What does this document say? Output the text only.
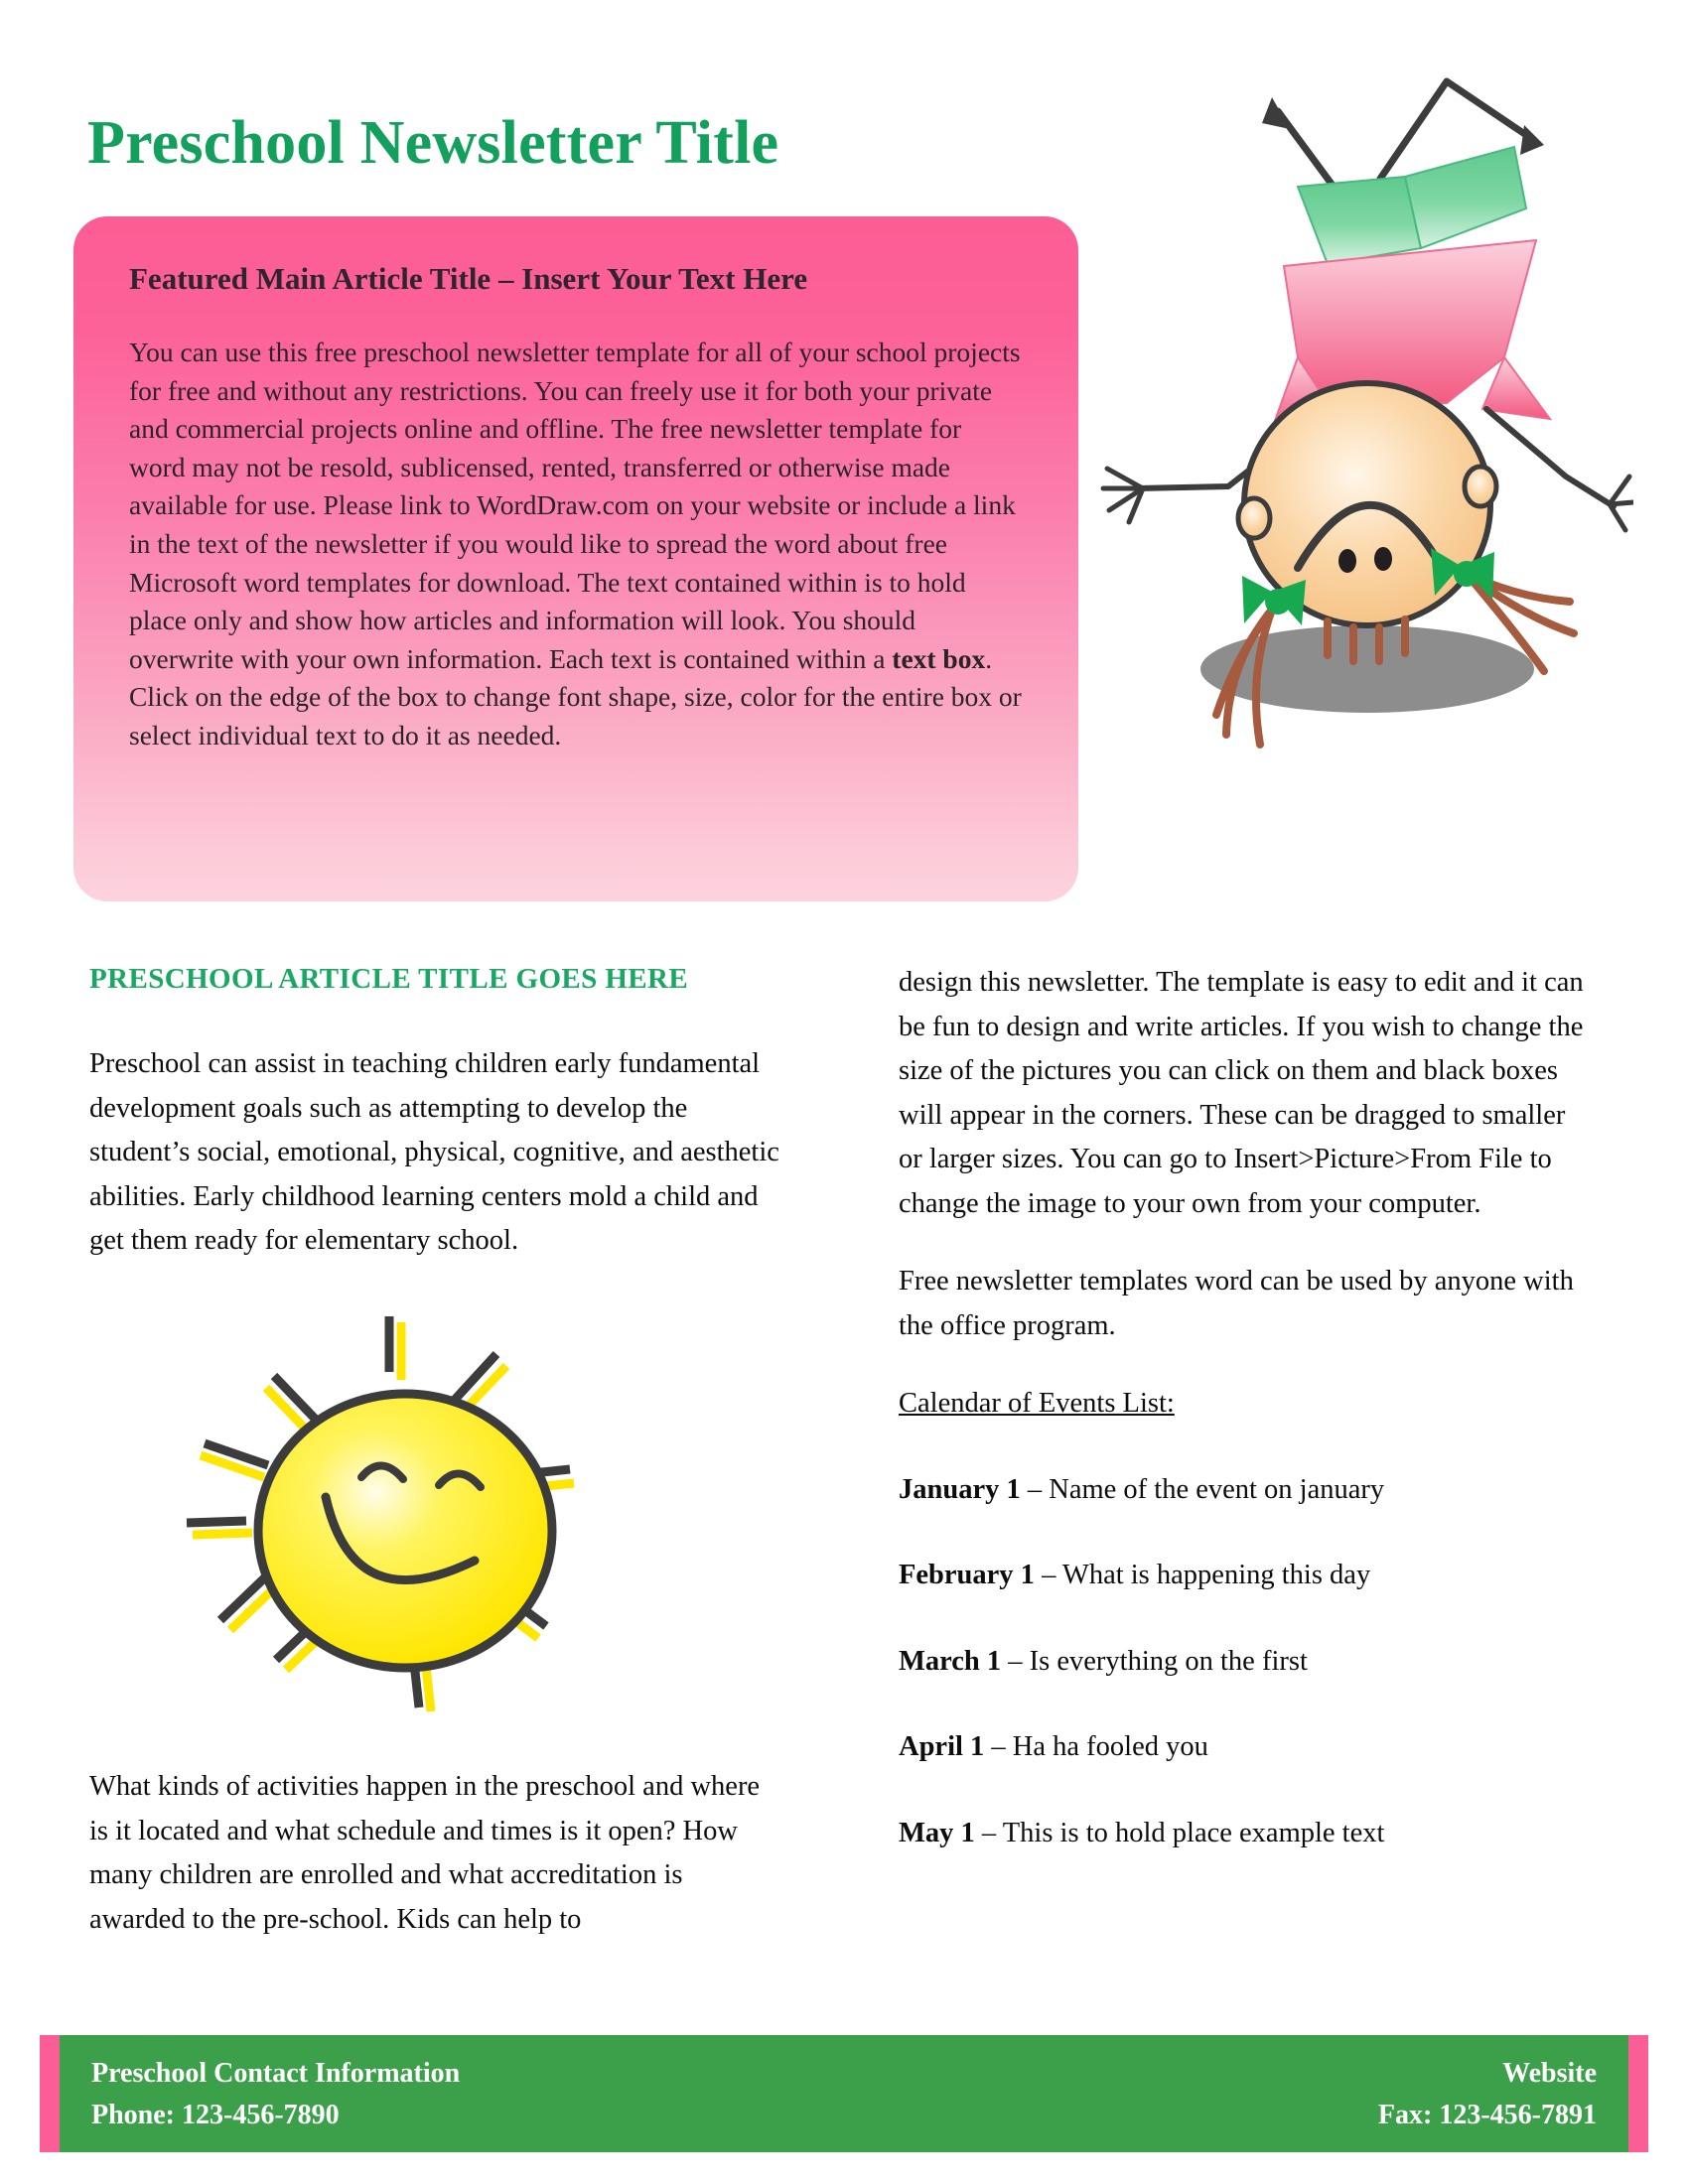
Preschool Newsletter Title
Featured Main Article Title – Insert Your Text Here
You can use this free preschool newsletter template for all of your school projects for free and without any restrictions. You can freely use it for both your private and commercial projects online and offline. The free newsletter template for word may not be resold, sublicensed, rented, transferred or otherwise made available for use. Please link to WordDraw.com on your website or include a link in the text of the newsletter if you would like to spread the word about free Microsoft word templates for download. The text contained within is to hold place only and show how articles and information will look. You should overwrite with your own information. Each text is contained within a text box. Click on the edge of the box to change font shape, size, color for the entire box or select individual text to do it as needed.
PRESCHOOL ARTICLE TITLE GOES HERE

Preschool can assist in teaching children early fundamental development goals such as attempting to develop the student’s social, emotional, physical, cognitive, and aesthetic abilities. Early childhood learning centers mold a child and get them ready for elementary school.

What kinds of activities happen in the preschool and where is it located and what schedule and times is it open? How many children are enrolled and what accreditation is awarded to the pre-school. Kids can help to

design this newsletter. The template is easy to edit and it can be fun to design and write articles. If you wish to change the size of the pictures you can click on them and black boxes will appear in the corners. These can be dragged to smaller or larger sizes. You can go to Insert>Picture>From File to change the image to your own from your computer.

Free newsletter templates word can be used by anyone with the office program.

Calendar of Events List:

January 1 – Name of the event on january

February 1 – What is happening this day

March 1 – Is everything on the first

April 1 – Ha ha fooled you

May 1 – This is to hold place example text

Preschool Contact Information	Website
Phone: 123-456-7890	Fax: 123-456-7891
